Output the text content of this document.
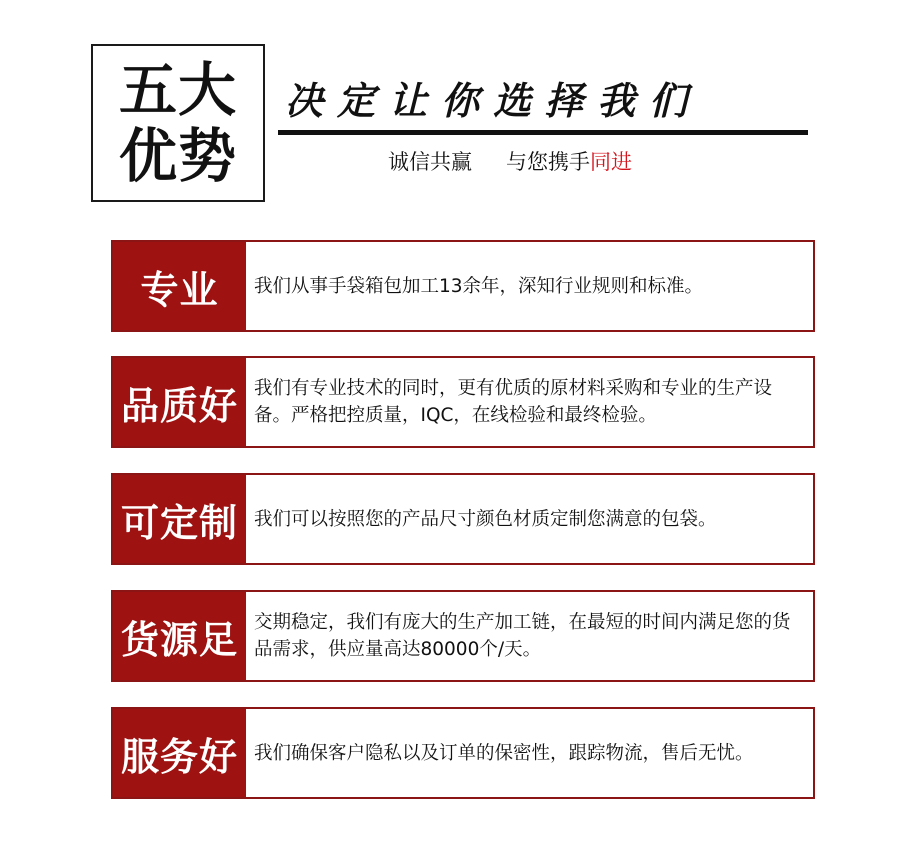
五大
优势
决定让你选择我们
诚信共赢 与您携手同进
专业	我们从事手袋箱包加工13余年，深知行业规则和标准。
品质好 我们有专业技术的同时，更有优质的原材料采购和专业的生产设备。严格把控质量，IQC，在线检验和最终检验。
可定制 我们可以按照您的产品尺寸颜色材质定制您满意的包袋。
货源足 交期稳定，我们有庞大的生产加工链，在最短的时间内满足您的货品需求，供应量高达80000个/天。
服务好 我们确保客户隐私以及订单的保密性，跟踪物流，售后无忧。
